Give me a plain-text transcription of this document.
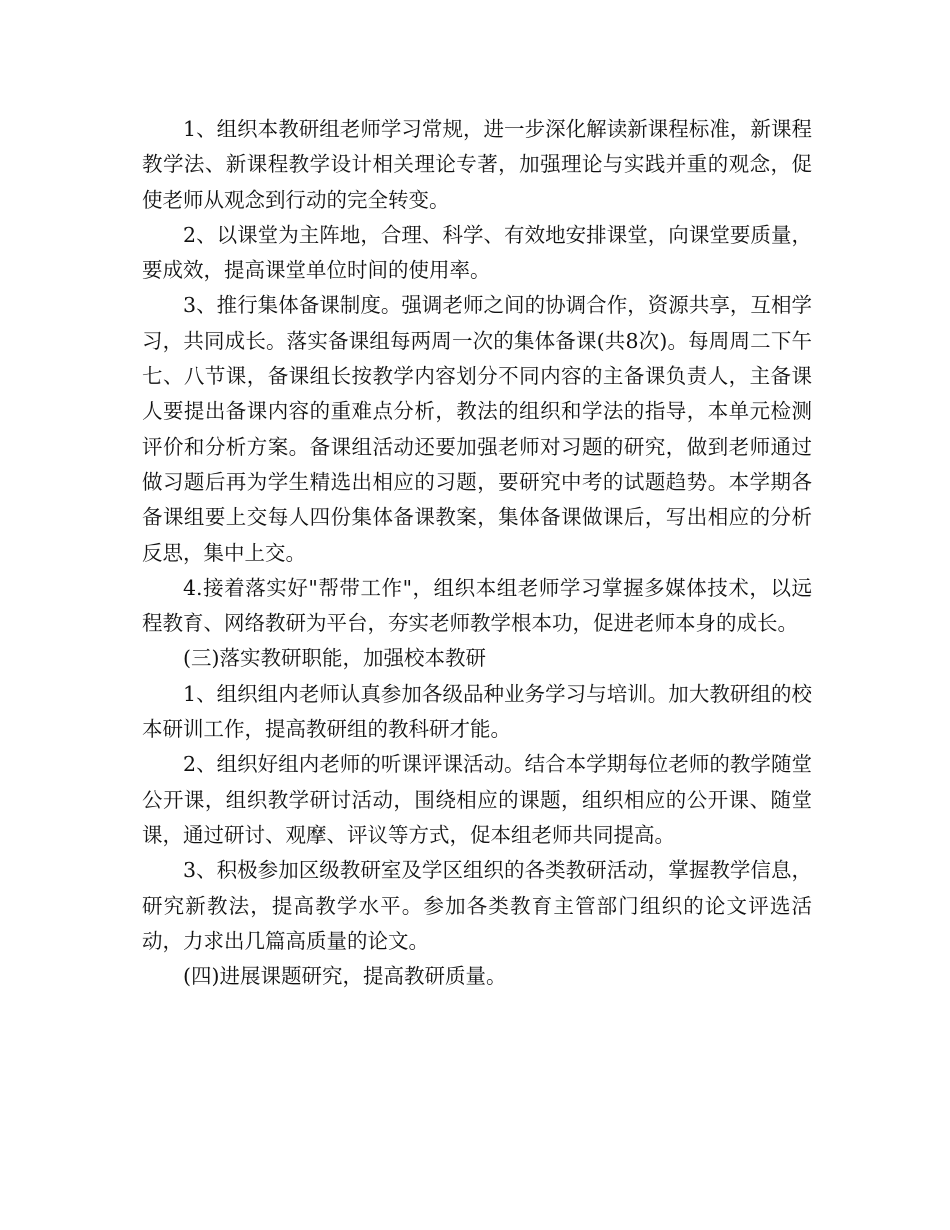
1、组织本教研组老师学习常规，进一步深化解读新课程标准，新课程教学法、新课程教学设计相关理论专著，加强理论与实践并重的观念，促使老师从观念到行动的完全转变。

2、以课堂为主阵地，合理、科学、有效地安排课堂，向课堂要质量，要成效，提高课堂单位时间的使用率。

3、推行集体备课制度。强调老师之间的协调合作，资源共享，互相学习，共同成长。落实备课组每两周一次的集体备课(共8次)。每周周二下午七、八节课，备课组长按教学内容划分不同内容的主备课负责人，主备课人要提出备课内容的重难点分析，教法的组织和学法的指导，本单元检测评价和分析方案。备课组活动还要加强老师对习题的研究，做到老师通过做习题后再为学生精选出相应的习题，要研究中考的试题趋势。本学期各备课组要上交每人四份集体备课教案，集体备课做课后，写出相应的分析反思，集中上交。

4.接着落实好"帮带工作"，组织本组老师学习掌握多媒体技术，以远程教育、网络教研为平台，夯实老师教学根本功，促进老师本身的成长。

(三)落实教研职能，加强校本教研

1、组织组内老师认真参加各级品种业务学习与培训。加大教研组的校本研训工作，提高教研组的教科研才能。

2、组织好组内老师的听课评课活动。结合本学期每位老师的教学随堂公开课，组织教学研讨活动，围绕相应的课题，组织相应的公开课、随堂课，通过研讨、观摩、评议等方式，促本组老师共同提高。

3、积极参加区级教研室及学区组织的各类教研活动，掌握教学信息，研究新教法，提高教学水平。参加各类教育主管部门组织的论文评选活动，力求出几篇高质量的论文。

(四)进展课题研究，提高教研质量。
